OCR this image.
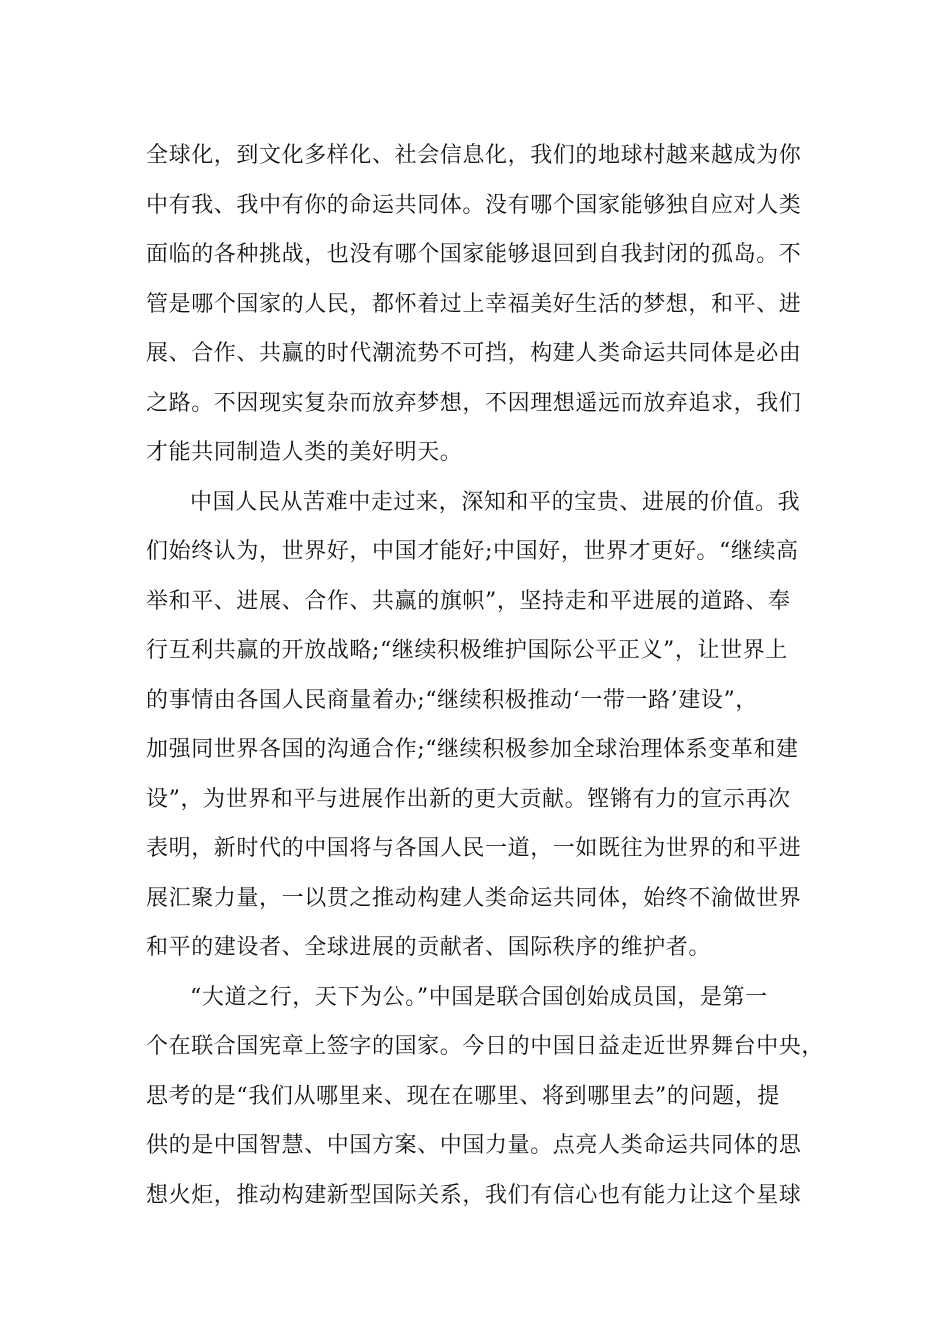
全球化，到文化多样化、社会信息化，我们的地球村越来越成为你
中有我、我中有你的命运共同体。没有哪个国家能够独自应对人类
面临的各种挑战，也没有哪个国家能够退回到自我封闭的孤岛。不
管是哪个国家的人民，都怀着过上幸福美好生活的梦想，和平、进
展、合作、共赢的时代潮流势不可挡，构建人类命运共同体是必由
之路。不因现实复杂而放弃梦想，不因理想遥远而放弃追求，我们
才能共同制造人类的美好明天。
中国人民从苦难中走过来，深知和平的宝贵、进展的价值。我
们始终认为，世界好，中国才能好;中国好，世界才更好。“继续高
举和平、进展、合作、共赢的旗帜”，坚持走和平进展的道路、奉
行互利共赢的开放战略;“继续积极维护国际公平正义”，让世界上
的事情由各国人民商量着办;“继续积极推动‘一带一路’建设”，
加强同世界各国的沟通合作;“继续积极参加全球治理体系变革和建
设”，为世界和平与进展作出新的更大贡献。铿锵有力的宣示再次
表明，新时代的中国将与各国人民一道，一如既往为世界的和平进
展汇聚力量，一以贯之推动构建人类命运共同体，始终不渝做世界
和平的建设者、全球进展的贡献者、国际秩序的维护者。
“大道之行，天下为公。”中国是联合国创始成员国，是第一
个在联合国宪章上签字的国家。今日的中国日益走近世界舞台中央，
思考的是“我们从哪里来、现在在哪里、将到哪里去”的问题，提
供的是中国智慧、中国方案、中国力量。点亮人类命运共同体的思
想火炬，推动构建新型国际关系，我们有信心也有能力让这个星球
